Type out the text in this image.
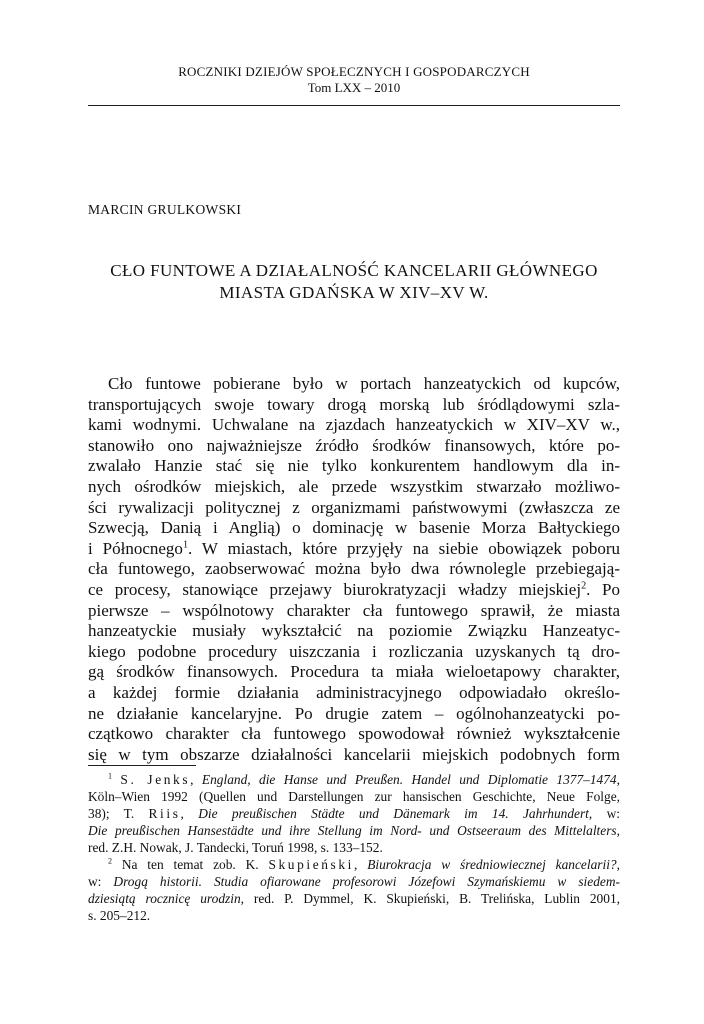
ROCZNIKI DZIEJÓW SPOŁECZNYCH I GOSPODARCZYCH
Tom LXX – 2010
MARCIN GRULKOWSKI
CŁO FUNTOWE A DZIAŁALNOŚĆ KANCELARII GŁÓWNEGO
MIASTA GDAŃSKA W XIV–XV W.
Cło funtowe pobierane było w portach hanzeatyckich od kupców,
transportujących swoje towary drogą morską lub śródlądowymi szla-
kami wodnymi. Uchwalane na zjazdach hanzeatyckich w XIV–XV w.,
stanowiło ono najważniejsze źródło środków finansowych, które po-
zwalało Hanzie stać się nie tylko konkurentem handlowym dla in-
nych ośrodków miejskich, ale przede wszystkim stwarzało możliwo-
ści rywalizacji politycznej z organizmami państwowymi (zwłaszcza ze
Szwecją, Danią i Anglią) o dominację w basenie Morza Bałtyckiego
i Północnego$^1$. W miastach, które przyjęły na siebie obowiązek poboru
cła funtowego, zaobserwować można było dwa równolegle przebiegają-
ce procesy, stanowiące przejawy biurokratyzacji władzy miejskiej$^2$. Po
pierwsze – wspólnotowy charakter cła funtowego sprawił, że miasta
hanzeatyckie musiały wykształcić na poziomie Związku Hanzeatyc-
kiego podobne procedury uiszczania i rozliczania uzyskanych tą dro-
gą środków finansowych. Procedura ta miała wieloetapowy charakter,
a każdej formie działania administracyjnego odpowiadało określo-
ne działanie kancelaryjne. Po drugie zatem – ogólnohanzeatycki po-
czątkowo charakter cła funtowego spowodował również wykształcenie
się w tym obszarze działalności kancelarii miejskich podobnych form
$^1$ S. Jenks, England, die Hanse und Preußen. Handel und Diplomatie 1377–1474,
Köln–Wien 1992 (Quellen und Darstellungen zur hansischen Geschichte, Neue Folge,
38); T. Riis, Die preußischen Städte und Dänemark im 14. Jahrhundert, w:
Die preußischen Hansestädte und ihre Stellung im Nord- und Ostseeraum des Mittelalters,
red. Z.H. Nowak, J. Tandecki, Toruń 1998, s. 133–152.
$^2$ Na ten temat zob. K. Skupieński, Biurokracja w średniowiecznej kancelarii?,
w: Drogą historii. Studia ofiarowane profesorowi Józefowi Szymańskiemu w siedem-
dziesiątą rocznicę urodzin, red. P. Dymmel, K. Skupieński, B. Trelińska, Lublin 2001,
s. 205–212.
